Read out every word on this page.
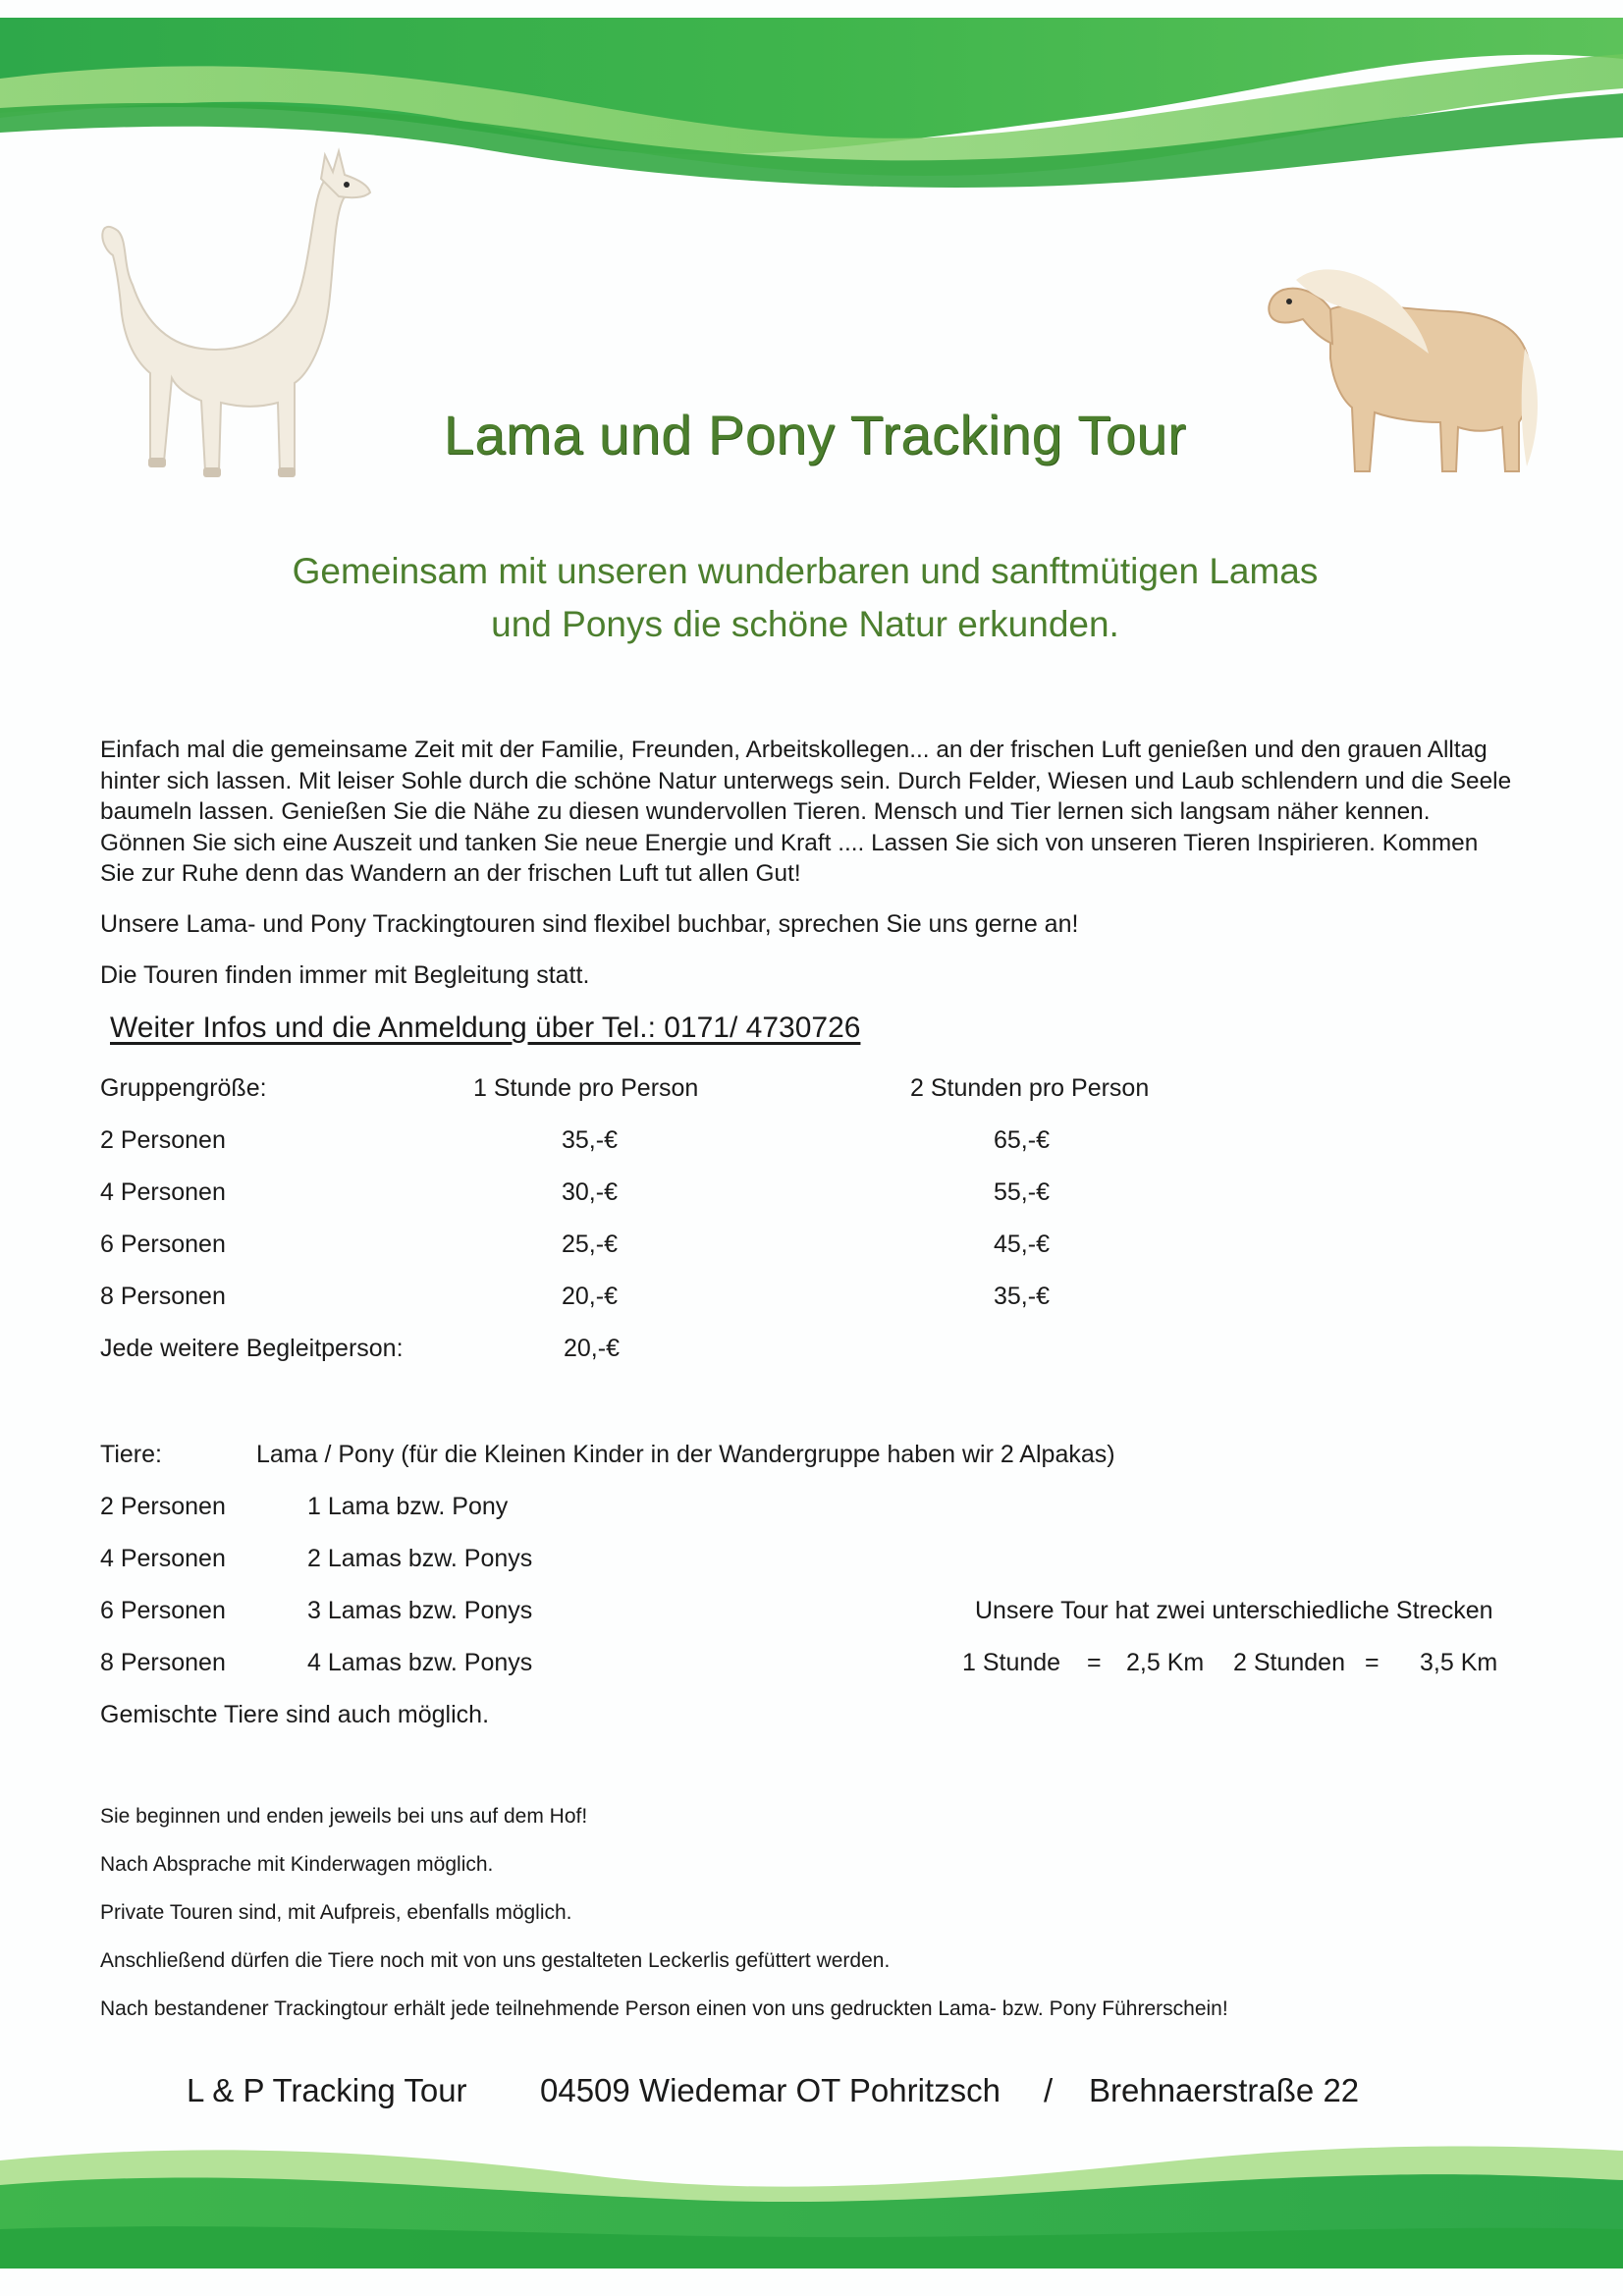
Lama und Pony Tracking Tour
Gemeinsam mit unseren wunderbaren und sanftmütigen Lamas
und Ponys die schöne Natur erkunden.
Einfach mal die gemeinsame Zeit mit der Familie, Freunden, Arbeitskollegen... an der frischen Luft genießen und den grauen Alltag hinter sich lassen. Mit leiser Sohle durch die schöne Natur unterwegs sein. Durch Felder, Wiesen und Laub schlendern und die Seele baumeln lassen. Genießen Sie die Nähe zu diesen wundervollen Tieren. Mensch und Tier lernen sich langsam näher kennen. Gönnen Sie sich eine Auszeit und tanken Sie neue Energie und Kraft .... Lassen Sie sich von unseren Tieren Inspirieren. Kommen Sie zur Ruhe denn das Wandern an der frischen Luft tut allen Gut!
Unsere Lama- und Pony Trackingtouren sind flexibel buchbar, sprechen Sie uns gerne an!
Die Touren finden immer mit Begleitung statt.
Weiter Infos und die Anmeldung über Tel.: 0171/ 4730726
Gruppengröße:	1 Stunde pro Person	2 Stunden pro Person
2 Personen	35,-€	65,-€
4 Personen	30,-€	55,-€
6 Personen	25,-€	45,-€
8 Personen	20,-€	35,-€
Jede weitere Begleitperson:	20,-€
Tiere:	Lama / Pony (für die Kleinen Kinder in der Wandergruppe haben wir 2 Alpakas)
2 Personen	1 Lama bzw. Pony
4 Personen	2 Lamas bzw. Ponys
6 Personen	3 Lamas bzw. Ponys
8 Personen	4 Lamas bzw. Ponys
Gemischte Tiere sind auch möglich.
Unsere Tour hat zwei unterschiedliche Strecken
1 Stunde = 2,5 Km 2 Stunden = 3,5 Km
Sie beginnen und enden jeweils bei uns auf dem Hof!
Nach Absprache mit Kinderwagen möglich.
Private Touren sind, mit Aufpreis, ebenfalls möglich.
Anschließend dürfen die Tiere noch mit von uns gestalteten Leckerlis gefüttert werden.
Nach bestandener Trackingtour erhält jede teilnehmende Person einen von uns gedruckten Lama- bzw. Pony Führerschein!
L & P Tracking Tour 04509 Wiedemar OT Pohritzsch / Brehnaerstraße 22
